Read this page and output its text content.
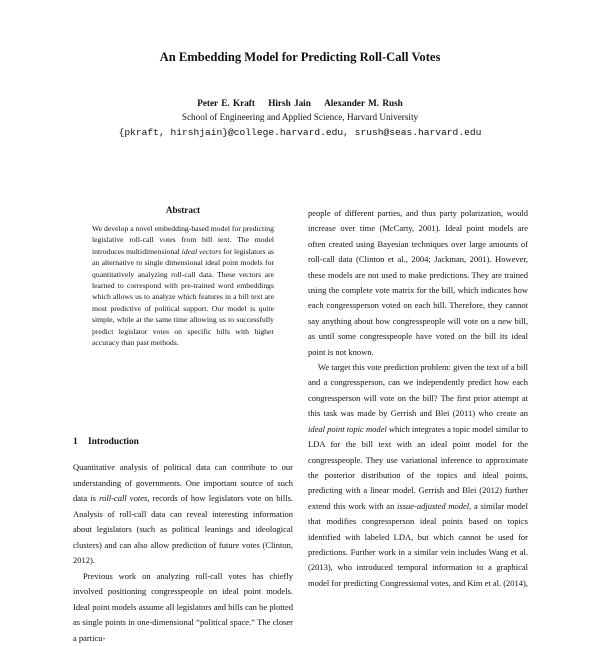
An Embedding Model for Predicting Roll-Call Votes
Peter E. Kraft Hirsh Jain Alexander M. Rush
School of Engineering and Applied Science, Harvard University
{pkraft, hirshjain}@college.harvard.edu, srush@seas.harvard.edu
Abstract
We develop a novel embedding-based model for predicting legislative roll-call votes from bill text. The model introduces multidimensional ideal vectors for legislators as an alternative to single dimensional ideal point models for quantitatively analyzing roll-call data. These vectors are learned to correspond with pre-trained word embeddings which allows us to analyze which features in a bill text are most predictive of political support. Our model is quite simple, while at the same time allowing us to successfully predict legislator votes on specific bills with higher accuracy than past methods.
1 Introduction

Quantitative analysis of political data can contribute to our understanding of governments. One important source of such data is roll-call votes, records of how legislators vote on bills. Analysis of roll-call data can reveal interesting information about legislators (such as political leanings and ideological clusters) and can also allow prediction of future votes (Clinton, 2012).

Previous work on analyzing roll-call votes has chiefly involved positioning congresspeople on ideal point models. Ideal point models assume all legislators and bills can be plotted as single points in one-dimensional “political space.” The closer a particu-

people of different parties, and thus party polarization, would increase over time (McCarty, 2001). Ideal point models are often created using Bayesian techniques over large amounts of roll-call data (Clinton et al., 2004; Jackman, 2001). However, these models are not used to make predictions. They are trained using the complete vote matrix for the bill, which indicates how each congressperson voted on each bill. Therefore, they cannot say anything about how congresspeople will vote on a new bill, as until some congresspeople have voted on the bill its ideal point is not known.

We target this vote prediction problem: given the text of a bill and a congressperson, can we independently predict how each congressperson will vote on the bill? The first prior attempt at this task was made by Gerrish and Blei (2011) who create an ideal point topic model which integrates a topic model similar to LDA for the bill text with an ideal point model for the congresspeople. They use variational inference to approximate the posterior distribution of the topics and ideal points, predicting with a linear model. Gerrish and Blei (2012) further extend this work with an issue-adjusted model, a similar model that modifies congressperson ideal points based on topics identified with labeled LDA, but which cannot be used for predictions. Further work in a similar vein includes Wang et al. (2013), who introduced temporal information to a graphical model for predicting Congressional votes, and Kim et al. (2014),
